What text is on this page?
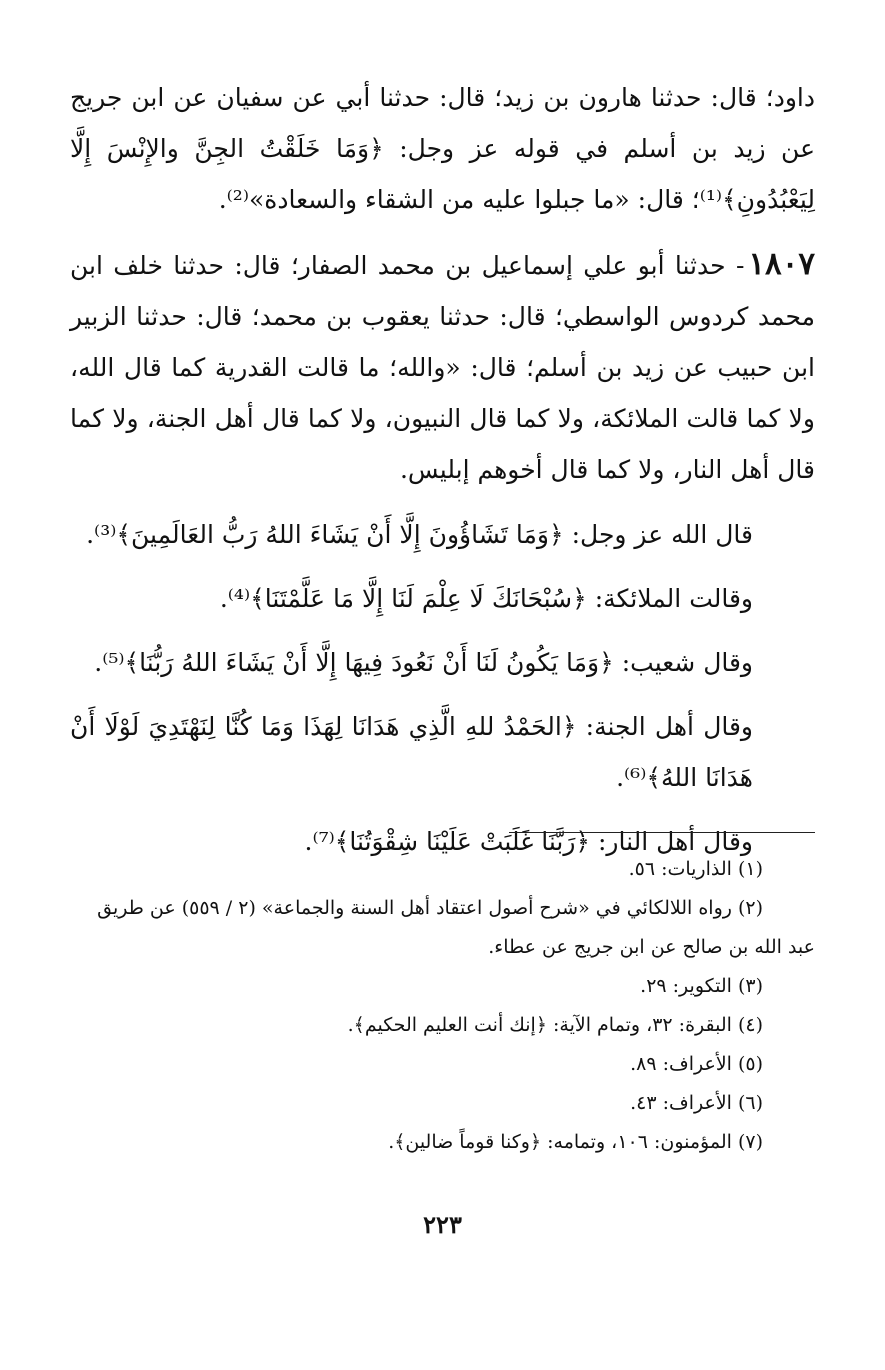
داود؛ قال: حدثنا هارون بن زيد؛ قال: حدثنا أبي عن سفيان عن ابن جريج عن زيد بن أسلم في قوله عز وجل: ﴿وَمَا خَلَقْتُ الجِنَّ والإِنْسَ إِلَّا لِيَعْبُدُونِ﴾⁽¹⁾؛ قال: «ما جبلوا عليه من الشقاء والسعادة»⁽²⁾.

١٨٠٧- حدثنا أبو علي إسماعيل بن محمد الصفار؛ قال: حدثنا خلف ابن محمد كردوس الواسطي؛ قال: حدثنا يعقوب بن محمد؛ قال: حدثنا الزبير ابن حبيب عن زيد بن أسلم؛ قال: «والله؛ ما قالت القدرية كما قال الله، ولا كما قالت الملائكة، ولا كما قال النبيون، ولا كما قال أهل الجنة، ولا كما قال أهل النار، ولا كما قال أخوهم إبليس.

قال الله عز وجل: ﴿وَمَا تَشَاؤُونَ إِلَّا أَنْ يَشَاءَ اللهُ رَبُّ العَالَمِينَ﴾⁽³⁾.

وقالت الملائكة: ﴿سُبْحَانَكَ لَا عِلْمَ لَنَا إِلَّا مَا عَلَّمْتَنَا﴾⁽⁴⁾.

وقال شعيب: ﴿وَمَا يَكُونُ لَنَا أَنْ نَعُودَ فِيهَا إِلَّا أَنْ يَشَاءَ اللهُ رَبُّنَا﴾⁽⁵⁾.

وقال أهل الجنة: ﴿الحَمْدُ للهِ الَّذِي هَدَانَا لِهَذَا وَمَا كُنَّا لِنَهْتَدِيَ لَوْلَا أَنْ هَدَانَا اللهُ﴾⁽⁶⁾.

وقال أهل النار: ﴿رَبَّنَا غَلَبَتْ عَلَيْنَا شِقْوَتُنَا﴾⁽⁷⁾.

(١)الذاريات: ٥٦.

(٢)رواه اللالكائي في «شرح أصول اعتقاد أهل السنة والجماعة» (٢ / ٥٥٩) عن طريق

عبد الله بن صالح عن ابن جريج عن عطاء.

(٣)التكوير: ٢٩.

(٤)البقرة: ٣٢، وتمام الآية: ﴿إنك أنت العليم الحكيم﴾.

(٥)الأعراف: ٨٩.

(٦)الأعراف: ٤٣.

(٧)المؤمنون: ١٠٦، وتمامه: ﴿وكنا قوماً ضالين﴾.

٢٢٣
